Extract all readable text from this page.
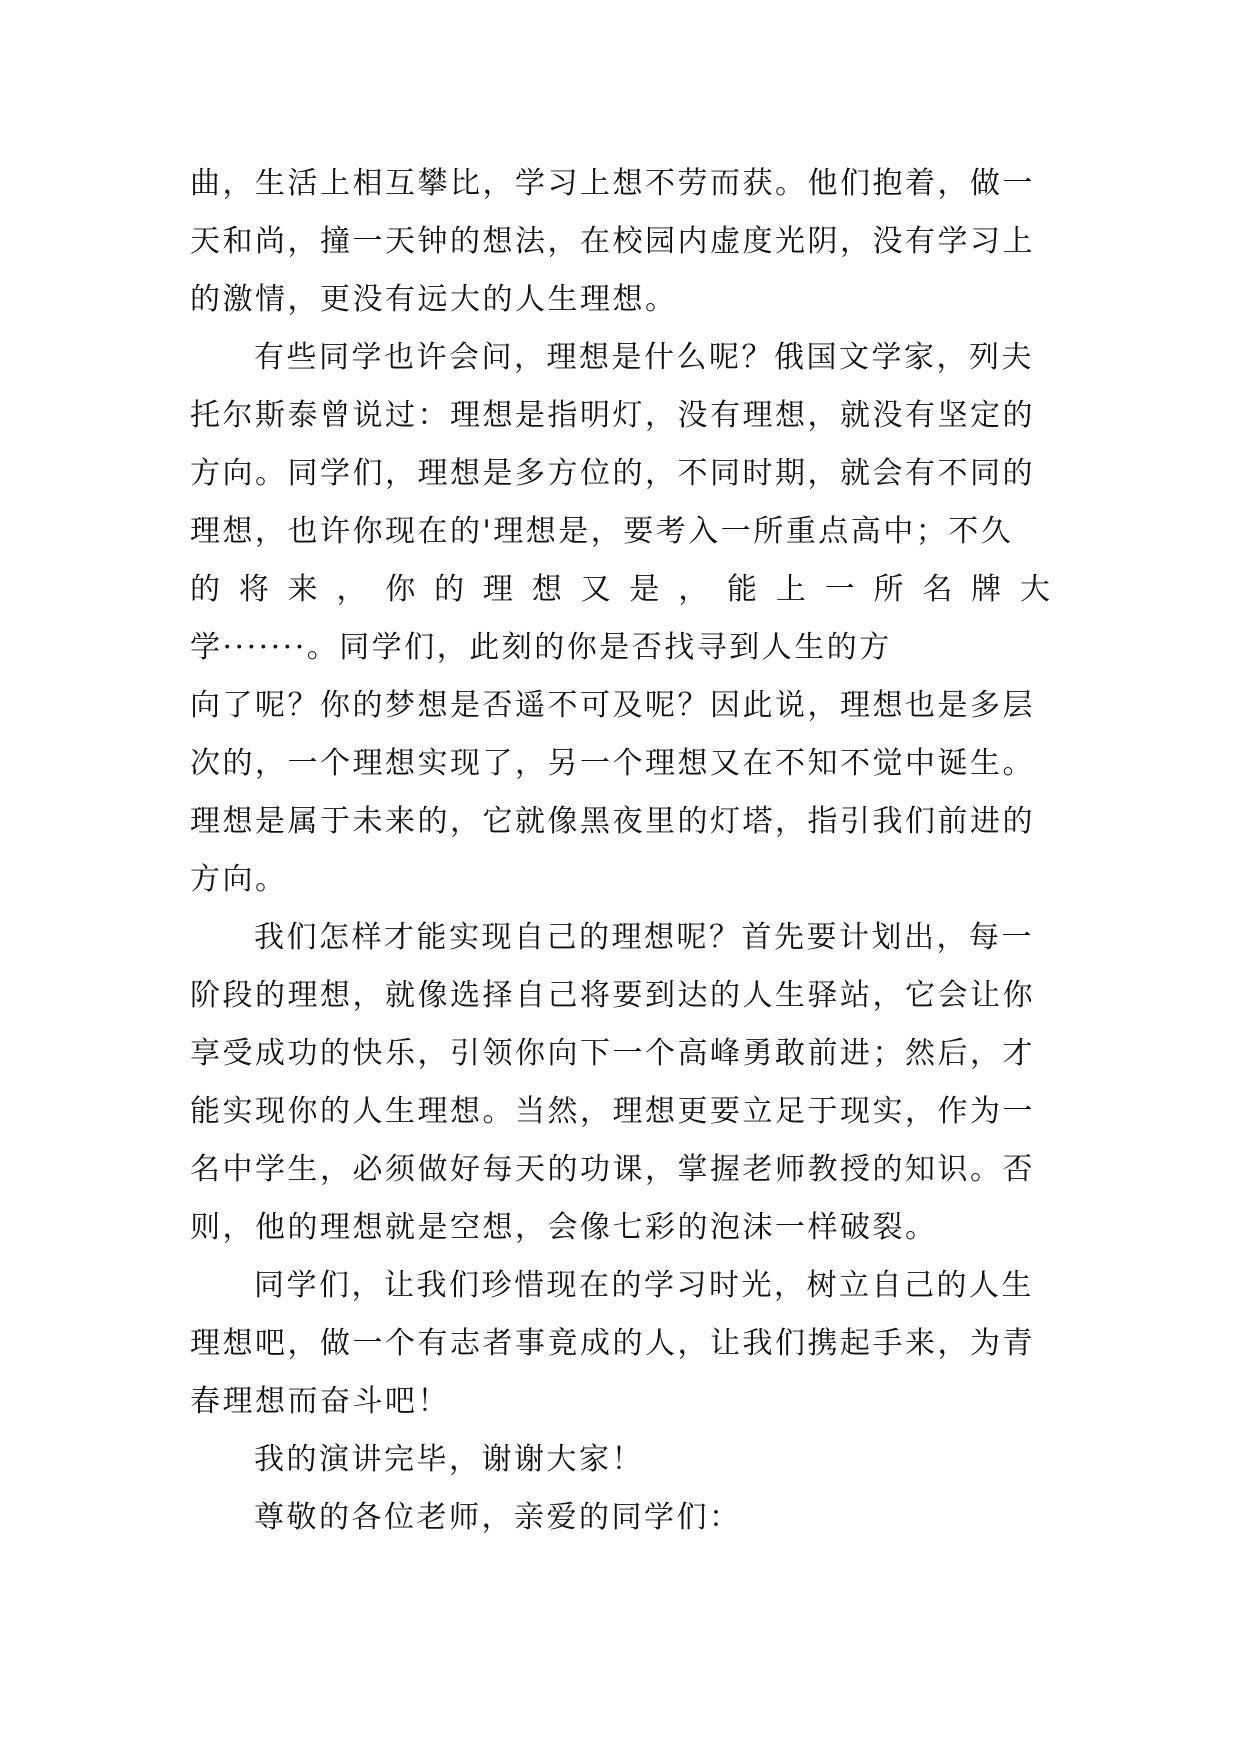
曲，生活上相互攀比，学习上想不劳而获。他们抱着，做一
天和尚，撞一天钟的想法，在校园内虚度光阴，没有学习上
的激情，更没有远大的人生理想。
有些同学也许会问，理想是什么呢？俄国文学家，列夫
托尔斯泰曾说过：理想是指明灯，没有理想，就没有坚定的
方向。同学们，理想是多方位的，不同时期，就会有不同的
理想，也许你现在的'理想是，要考入一所重点高中；不久
的 将 来 ， 你 的 理 想 又 是 ， 能 上 一 所 名 牌 大
学·······。同学们，此刻的你是否找寻到人生的方
向了呢？你的梦想是否遥不可及呢？因此说，理想也是多层
次的，一个理想实现了，另一个理想又在不知不觉中诞生。
理想是属于未来的，它就像黑夜里的灯塔，指引我们前进的
方向。
我们怎样才能实现自己的理想呢？首先要计划出，每一
阶段的理想，就像选择自己将要到达的人生驿站，它会让你
享受成功的快乐，引领你向下一个高峰勇敢前进；然后，才
能实现你的人生理想。当然，理想更要立足于现实，作为一
名中学生，必须做好每天的功课，掌握老师教授的知识。否
则，他的理想就是空想，会像七彩的泡沫一样破裂。
同学们，让我们珍惜现在的学习时光，树立自己的人生
理想吧，做一个有志者事竟成的人，让我们携起手来，为青
春理想而奋斗吧！
我的演讲完毕，谢谢大家！
尊敬的各位老师，亲爱的同学们：
